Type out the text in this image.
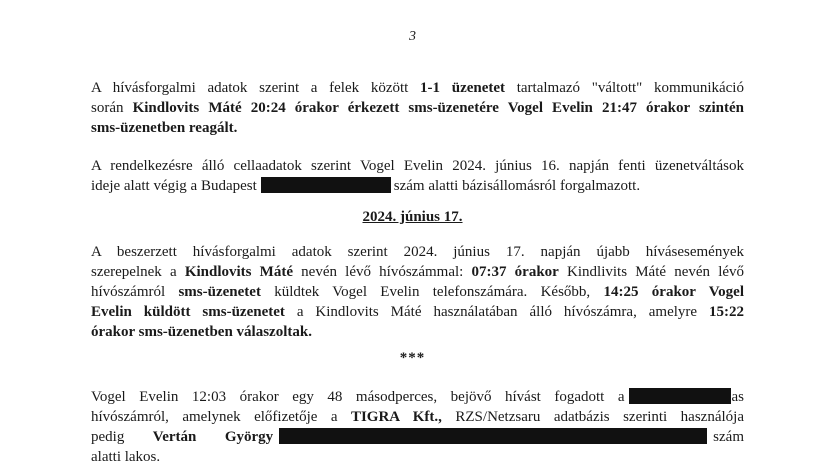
3
A hívásforgalmi adatok szerint a felek között 1-1 üzenetet tartalmazó "váltott" kommunikáció
során Kindlovits Máté 20:24 órakor érkezett sms-üzenetére Vogel Evelin 21:47 órakor szintén
sms-üzenetben reagált.
A rendelkezésre álló cellaadatok szerint Vogel Evelin 2024. június 16. napján fenti üzenetváltások
ideje alatt végig a Budapest	szám alatti bázisállomásról forgalmazott.
2024. június 17.
A beszerzett hívásforgalmi adatok szerint 2024. június 17. napján újabb hívásesemények
szerepelnek a Kindlovits Máté nevén lévő hívószámmal: 07:37 órakor Kindlivits Máté nevén lévő
hívószámról sms-üzenetet küldtek Vogel Evelin telefonszámára. Később, 14:25 órakor Vogel
Evelin küldött sms-üzenetet a Kindlovits Máté használatában álló hívószámra, amelyre 15:22
órakor sms-üzenetben válaszoltak.
***
Vogel Evelin 12:03 órakor egy 48 másodperces, bejövő hívást fogadott a	as
hívószámról, amelynek előfizetője a TIGRA Kft., RZS/Netzsaru adatbázis szerinti használója
pedig Vertán György	szám
alatti lakos.
